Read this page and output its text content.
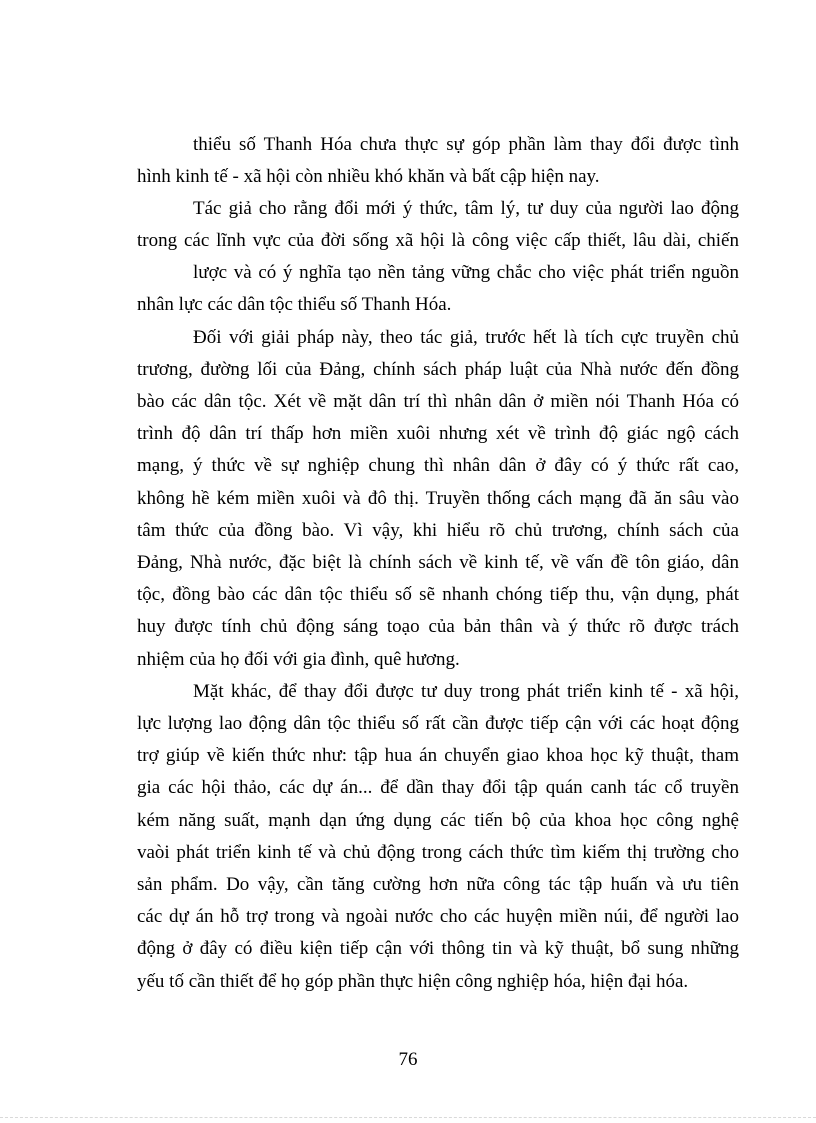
thiểu số Thanh Hóa chưa thực sự góp phần làm thay đổi được tình
hình kinh tế - xã hội còn nhiều khó khăn và bất cập hiện nay.
Tác giả cho rằng đổi mới ý thức, tâm lý, tư duy của người lao động
trong các lĩnh vực của đời sống xã hội là công việc cấp thiết, lâu dài, chiến
lược và có ý nghĩa tạo nền tảng vững chắc cho việc phát triển nguồn
nhân lực các dân tộc thiểu số Thanh Hóa.
Đối với giải pháp này, theo tác giả, trước hết là tích cực truyền chủ
trương, đường lối của Đảng, chính sách pháp luật của Nhà nước đến đồng
bào các dân tộc. Xét về mặt dân trí thì nhân dân ở miền nói Thanh Hóa có
trình độ dân trí thấp hơn miền xuôi nhưng xét về trình độ giác ngộ cách
mạng, ý thức về sự nghiệp chung thì nhân dân ở đây có ý thức rất cao,
không hề kém miền xuôi và đô thị. Truyền thống cách mạng đã ăn sâu vào
tâm thức của đồng bào. Vì vậy, khi hiểu rõ chủ trương, chính sách của
Đảng, Nhà nước, đặc biệt là chính sách về kinh tế, về vấn đề tôn giáo, dân
tộc, đồng bào các dân tộc thiểu số sẽ nhanh chóng tiếp thu, vận dụng, phát
huy được tính chủ động sáng toạo của bản thân và ý thức rõ được trách
nhiệm của họ đối với gia đình, quê hương.
Mặt khác, để thay đổi được tư duy trong phát triển kinh tế - xã hội,
lực lượng lao động dân tộc thiểu số rất cần được tiếp cận với các hoạt động
trợ giúp về kiến thức như: tập hua án chuyển giao khoa học kỹ thuật, tham
gia các hội thảo, các dự án... để dần thay đổi tập quán canh tác cổ truyền
kém năng suất, mạnh dạn ứng dụng các tiến bộ của khoa học công nghệ
vaòi phát triển kinh tế và chủ động trong cách thức tìm kiếm thị trường cho
sản phẩm. Do vậy, cần tăng cường hơn nữa công tác tập huấn và ưu tiên
các dự án hỗ trợ trong và ngoài nước cho các huyện miền núi, để người lao
động ở đây có điều kiện tiếp cận với thông tin và kỹ thuật, bổ sung những
yếu tố cần thiết để họ góp phần thực hiện công nghiệp hóa, hiện đại hóa.
76
